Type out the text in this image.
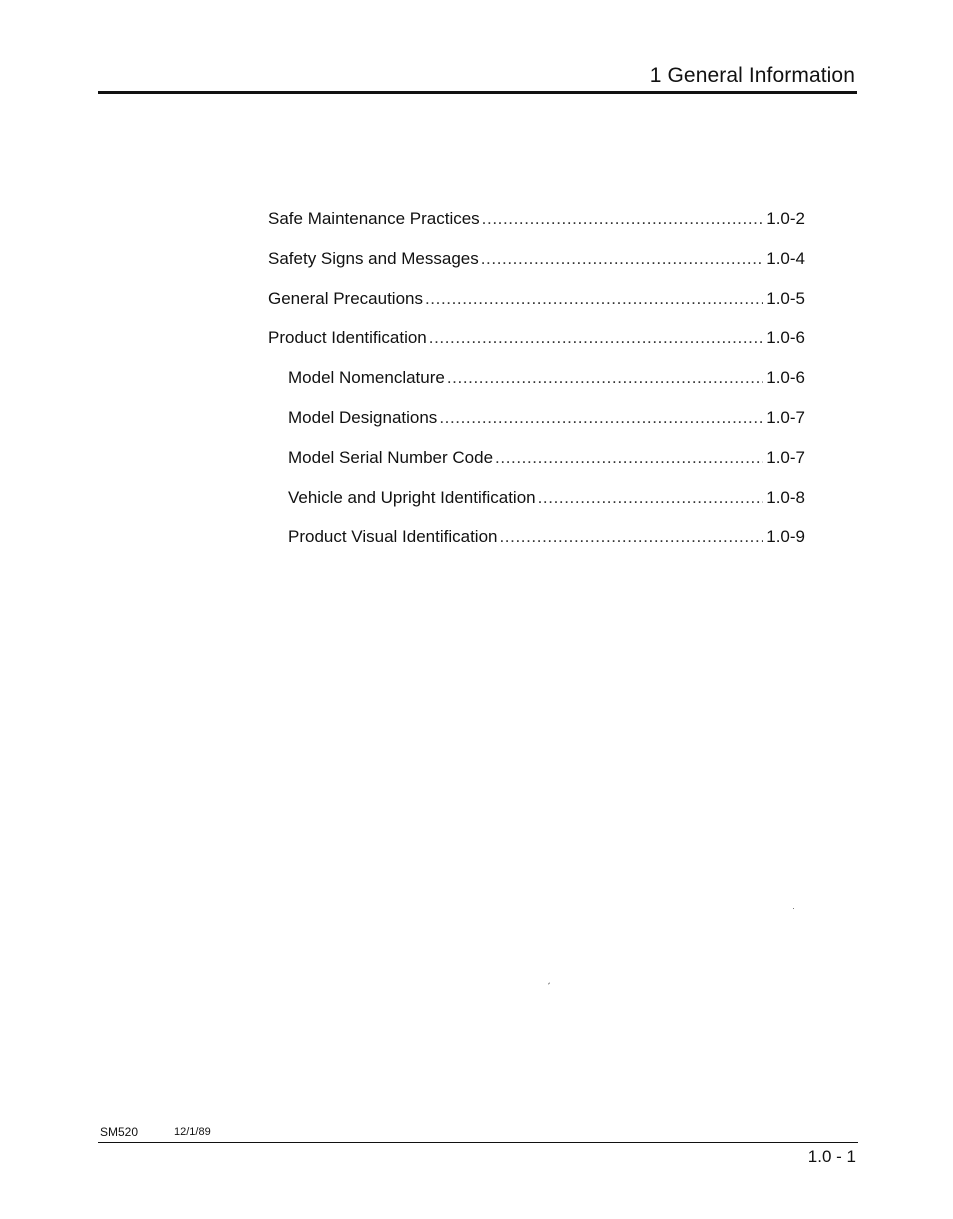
1 General Information
Safe Maintenance Practices .....	1.0-2
Safety Signs and Messages .....	1.0-4
General Precautions .....	1.0-5
Product Identification .....	1.0-6
Model Nomenclature .....	1.0-6
Model Designations .....	1.0-7
Model Serial Number Code .....	1.0-7
Vehicle and Upright Identification .....	1.0-8
Product Visual Identification .....	1.0-9
SM520	12/1/89
1.0 - 1
